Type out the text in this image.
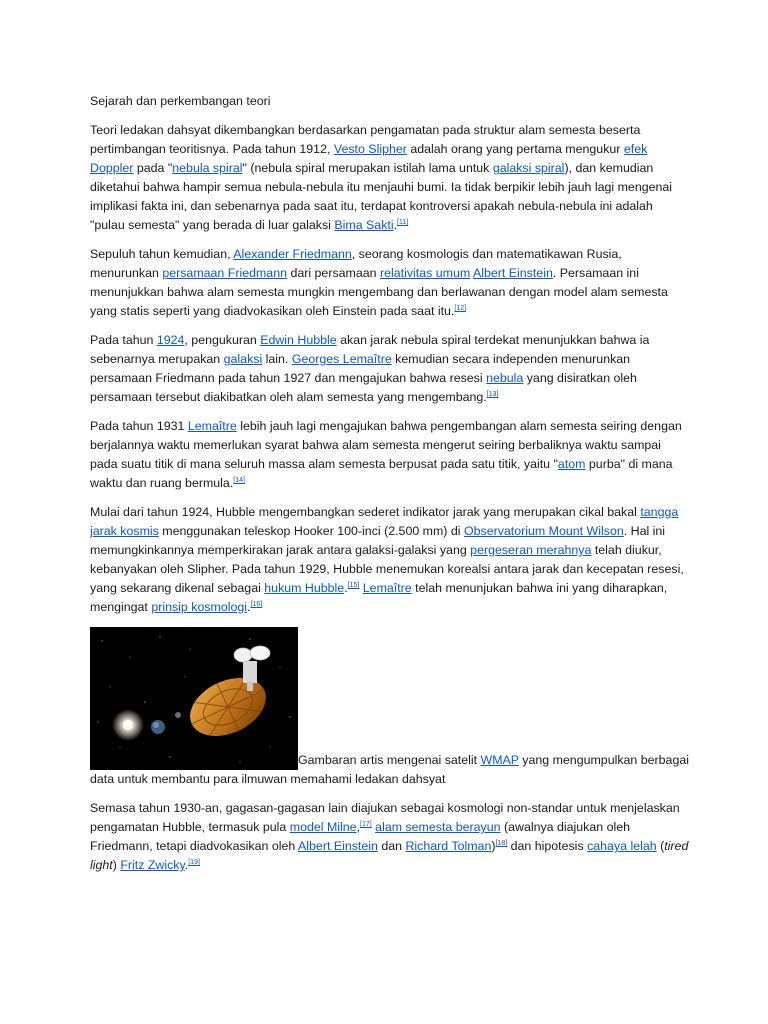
Sejarah dan perkembangan teori

Teori ledakan dahsyat dikembangkan berdasarkan pengamatan pada struktur alam semesta beserta pertimbangan teoritisnya. Pada tahun 1912, Vesto Slipher adalah orang yang pertama mengukur efek Doppler pada "nebula spiral" (nebula spiral merupakan istilah lama untuk galaksi spiral), dan kemudian diketahui bahwa hampir semua nebula-nebula itu menjauhi bumi. Ia tidak berpikir lebih jauh lagi mengenai implikasi fakta ini, dan sebenarnya pada saat itu, terdapat kontroversi apakah nebula-nebula ini adalah "pulau semesta" yang berada di luar galaksi Bima Sakti.[11]

Sepuluh tahun kemudian, Alexander Friedmann, seorang kosmologis dan matematikawan Rusia, menurunkan persamaan Friedmann dari persamaan relativitas umum Albert Einstein. Persamaan ini menunjukkan bahwa alam semesta mungkin mengembang dan berlawanan dengan model alam semesta yang statis seperti yang diadvokasikan oleh Einstein pada saat itu.[12]

Pada tahun 1924, pengukuran Edwin Hubble akan jarak nebula spiral terdekat menunjukkan bahwa ia sebenarnya merupakan galaksi lain. Georges Lemaître kemudian secara independen menurunkan persamaan Friedmann pada tahun 1927 dan mengajukan bahwa resesi nebula yang disiratkan oleh persamaan tersebut diakibatkan oleh alam semesta yang mengembang.[13]

Pada tahun 1931 Lemaître lebih jauh lagi mengajukan bahwa pengembangan alam semesta seiring dengan berjalannya waktu memerlukan syarat bahwa alam semesta mengerut seiring berbaliknya waktu sampai pada suatu titik di mana seluruh massa alam semesta berpusat pada satu titik, yaitu "atom purba" di mana waktu dan ruang bermula.[14]

Mulai dari tahun 1924, Hubble mengembangkan sederet indikator jarak yang merupakan cikal bakal tangga jarak kosmis menggunakan teleskop Hooker 100-inci (2.500 mm) di Observatorium Mount Wilson. Hal ini memungkinkannya memperkirakan jarak antara galaksi-galaksi yang pergeseran merahnya telah diukur, kebanyakan oleh Slipher. Pada tahun 1929, Hubble menemukan korealsi antara jarak dan kecepatan resesi, yang sekarang dikenal sebagai hukum Hubble.[15] Lemaître telah menunjukan bahwa ini yang diharapkan, mengingat prinsip kosmologi.[16]

Gambaran artis mengenai satelit WMAP yang mengumpulkan berbagai data untuk membantu para ilmuwan memahami ledakan dahsyat

Semasa tahun 1930-an, gagasan-gagasan lain diajukan sebagai kosmologi non-standar untuk menjelaskan pengamatan Hubble, termasuk pula model Milne,[17] alam semesta berayun (awalnya diajukan oleh Friedmann, tetapi diadvokasikan oleh Albert Einstein dan Richard Tolman)[18] dan hipotesis cahaya lelah (tired light) Fritz Zwicky.[19]
